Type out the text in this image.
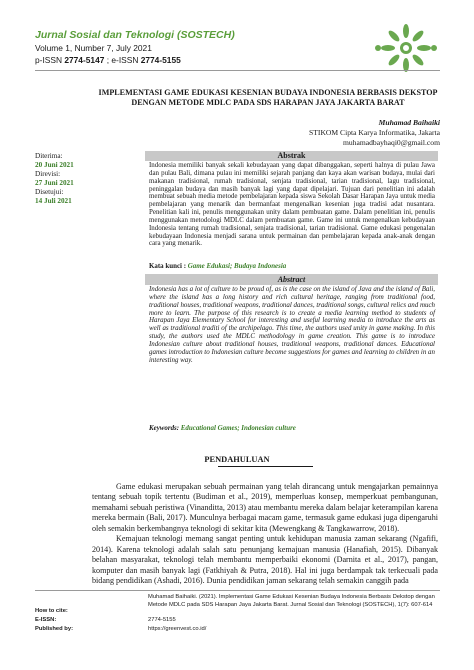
Jurnal Sosial dan Teknologi (SOSTECH)
Volume 1, Number 7, July 2021
p-ISSN 2774-5147 ; e-ISSN 2774-5155
IMPLEMENTASI GAME EDUKASI KESENIAN BUDAYA INDONESIA BERBASIS DEKSTOP DENGAN METODE MDLC PADA SDS HARAPAN JAYA JAKARTA BARAT
Muhamad Baihaiki
STIKOM Cipta Karya Informatika, Jakarta
muhamadbayhaqi0@gmail.com
Diterima:
20 Juni 2021
Direvisi:
27 Juni 2021
Disetujui:
14 Juli 2021
Abstrak
Indonesia memiliki banyak sekali kebudayaan yang dapat dibanggakan, seperti halnya di pulau Jawa dan pulau Bali, dimana pulau ini memiliki sejarah panjang dan kaya akan warisan budaya, mulai dari makanan tradisional, rumah tradisional, senjata tradisional, tarian tradisional, lagu tradisional, peninggalan budaya dan masih banyak lagi yang dapat dipelajari. Tujuan dari penelitian ini adalah membuat sebuah media metode pembelajaran kepada siswa Sekolah Dasar Harapan Jaya untuk media pembelajaran yang menarik dan bermanfaat mengenalkan kesenian juga tradisi adat nusantara. Penelitian kali ini, penulis menggunakan unity dalam pembuatan game. Dalam penelitian ini, penulis menggunakan metodologi MDLC dalam pembuatan game. Game ini untuk mengenalkan kebudayaan Indonesia tentang rumah tradisional, senjata tradisional, tarian tradisional. Game edukasi pengenalan kebudayaan Indonesia menjadi sarana untuk permainan dan pembelajaran kepada anak-anak dengan cara yang menarik.
Kata kunci : Game Edukasi; Budaya Indonesia
Abstract
Indonesia has a lot of culture to be proud of, as is the case on the island of Java and the island of Bali, where the island has a long history and rich cultural heritage, ranging from traditional food, traditional houses, traditional weapons, traditional dances, traditional songs, cultural relics and much more to learn. The purpose of this research is to create a media learning method to students of Harapan Jaya Elementary School for interesting and useful learning media to introduce the arts as well as traditional traditi of the archipelago. This time, the authors used unity in game making. In this study, the authors used the MDLC methodology in game creation. This game is to introduce Indonesian culture about traditional houses, traditional weapons, traditional dances. Educational games introduction to Indonesian culture become suggestions for games and learning to children in an interesting way.
Keywords: Educational Games; Indonesian culture
PENDAHULUAN

Game edukasi merupakan sebuah permainan yang telah dirancang untuk mengajarkan pemainnya tentang sebuah topik tertentu (Budiman et al., 2019), memperluas konsep, memperkuat pembangunan, memahami sebuah peristiwa (Vinanditta, 2013) atau membantu mereka dalam belajar keterampilan karena mereka bermain (Bali, 2017). Munculnya berbagai macam game, termasuk game edukasi juga dipengaruhi oleh semakin berkembangnya teknologi di sekitar kita (Mewengkang & Tangkawarrow, 2018).

Kemajuan teknologi memang sangat penting untuk kehidupan manusia zaman sekarang (Ngafifi, 2014). Karena teknologi adalah salah satu penunjang kemajuan manusia (Hanafiah, 2015). Dibanyak belahan masyarakat, teknologi telah membantu memperbaiki ekonomi (Darnita et al., 2017), pangan, komputer dan masih banyak lagi (Fatkhiyah & Putra, 2018). Hal ini juga berdampak tak terkecuali pada bidang pendidikan (Ashadi, 2016). Dunia pendidikan jaman sekarang telah semakin canggih pada

How to cite:
Muhamad Baihaiki. (2021). Implementasi Game Edukasi Kesenian Budaya Indonesia Berbasis Dekstop dengan Metode MDLC pada SDS Harapan Jaya Jakarta Barat. Jurnal Sosial dan Teknologi (SOSTECH), 1(7): 607-614
E-ISSN:	2774-5155
Published by:	https://greenvest.co.id/
